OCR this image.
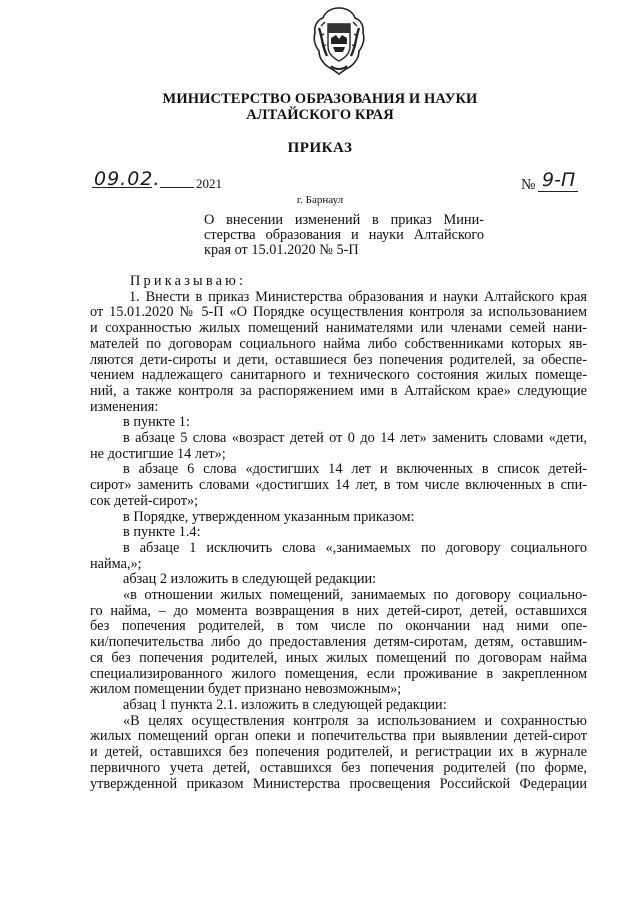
МИНИСТЕРСТВО ОБРАЗОВАНИЯ И НАУКИ
АЛТАЙСКОГО КРАЯ
ПРИКАЗ
09.02.	2021
г. Барнаул
№ 9-П
О внесении изменений в приказ Мини-
стерства образования и науки Алтайского
края от 15.01.2020 № 5-П
Приказываю:
1. Внести в приказ Министерства образования и науки Алтайского края
от 15.01.2020 № 5-П «О Порядке осуществления контроля за использованием
и сохранностью жилых помещений нанимателями или членами семей нани-
мателей по договорам социального найма либо собственниками которых яв-
ляются дети-сироты и дети, оставшиеся без попечения родителей, за обеспе-
чением надлежащего санитарного и технического состояния жилых помеще-
ний, а также контроля за распоряжением ими в Алтайском крае» следующие
изменения:
в пункте 1:
в абзаце 5 слова «возраст детей от 0 до 14 лет» заменить словами «дети,
не достигшие 14 лет»;
в абзаце 6 слова «достигших 14 лет и включенных в список детей-
сирот» заменить словами «достигших 14 лет, в том числе включенных в спи-
сок детей-сирот»;
в Порядке, утвержденном указанным приказом:
в пункте 1.4:
в абзаце 1 исключить слова «,занимаемых по договору социального
найма,»;
абзац 2 изложить в следующей редакции:
«в отношении жилых помещений, занимаемых по договору социально-
го найма, – до момента возвращения в них детей-сирот, детей, оставшихся
без попечения родителей, в том числе по окончании над ними опе-
ки/попечительства либо до предоставления детям-сиротам, детям, оставшим-
ся без попечения родителей, иных жилых помещений по договорам найма
специализированного жилого помещения, если проживание в закрепленном
жилом помещении будет признано невозможным»;
абзац 1 пункта 2.1. изложить в следующей редакции:
«В целях осуществления контроля за использованием и сохранностью
жилых помещений орган опеки и попечительства при выявлении детей-сирот
и детей, оставшихся без попечения родителей, и регистрации их в журнале
первичного учета детей, оставшихся без попечения родителей (по форме,
утвержденной приказом Министерства просвещения Российской Федерации
